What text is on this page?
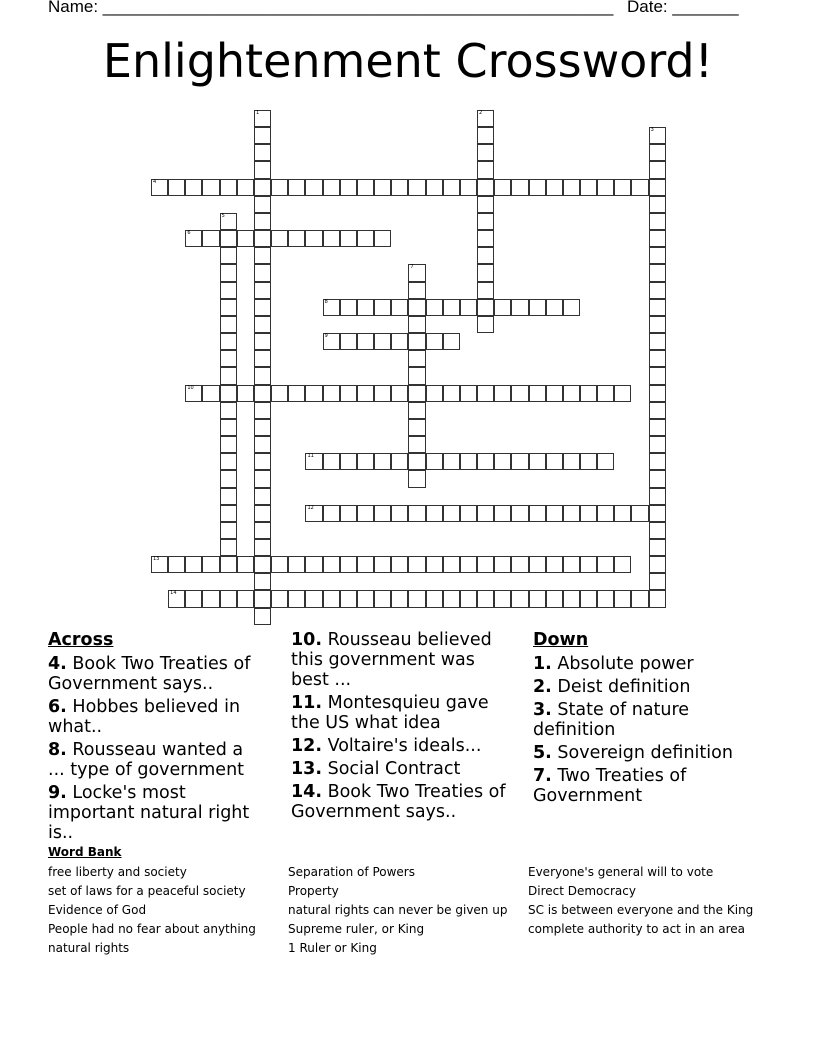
Name: ______________________________________________________ Date: _______
Enlightenment Crossword!
4
6
8
9
10
11
12
13
14
1	2
3
5
7
Across
4. Book Two Treaties of Government says..
6. Hobbes believed in what..
8. Rousseau wanted a ... type of government
9. Locke's most important natural right is..
10. Rousseau believed this government was best ...
11. Montesquieu gave the US what idea
12. Voltaire's ideals...
13. Social Contract
14. Book Two Treaties of Government says..
Down
1. Absolute power
2. Deist definition
3. State of nature definition
5. Sovereign definition
7. Two Treaties of Government
Word Bank
free liberty and society
set of laws for a peaceful society
Evidence of God
People had no fear about anything
natural rights
Separation of Powers
Property
natural rights can never be given up
Supreme ruler, or King
1 Ruler or King
Everyone's general will to vote
Direct Democracy
SC is between everyone and the King
complete authority to act in an area
